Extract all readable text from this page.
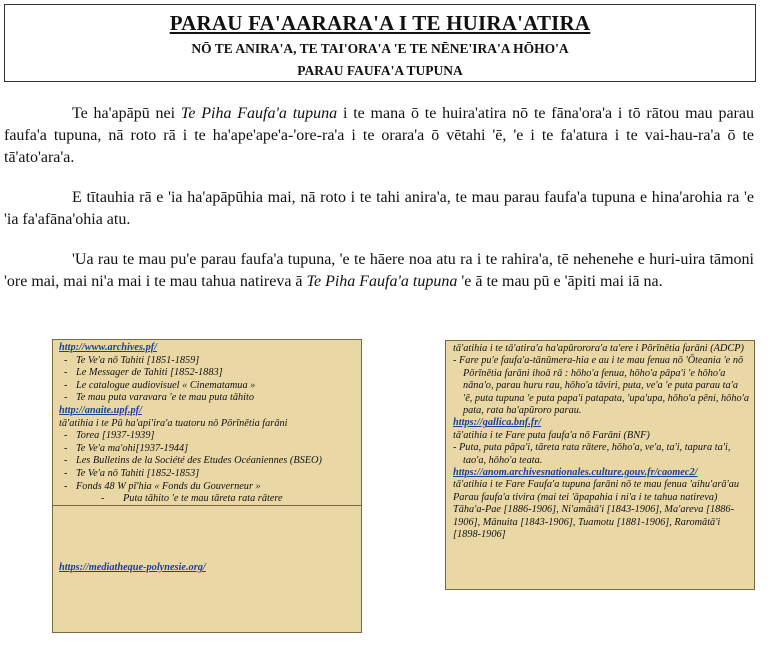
PARAU FA'AARARA'A I TE HUIRA'ATIRA
NŌ TE ANIRA'A, TE TAI'ORA'A 'E TE NĒNE'IRA'A HŌHO'A
PARAU FAUFA'A TUPUNA

Te ha'apāpū nei Te Piha Faufa'a tupuna i te mana ō te huira'atira nō te fāna'ora'a i tō rātou mau parau faufa'a tupuna, nā roto rā i te ha'ape'ape'a-'ore-ra'a i te orara'a ō vētahi 'ē, 'e i te fa'atura i te vai-hau-ra'a ō te tā'ato'ara'a.

E tītauhia rā e 'ia ha'apāpūhia mai, nā roto i te tahi anira'a, te mau parau faufa'a tupuna e hina'arohia ra 'e 'ia fa'afāna'ohia atu.

'Ua rau te mau pu'e parau faufa'a tupuna, 'e te hāere noa atu ra i te rahira'a, tē nehenehe e huri-uira tāmoni 'ore mai, mai ni'a mai i te mau tahua natireva ā Te Piha Faufa'a tupuna 'e ā te mau pū e 'āpiti mai iā na.

http://www.archives.pf/
- Te Ve'a nō Tahiti [1851-1859]
- Le Messager de Tahiti [1852-1883]
- Le catalogue audiovisuel « Cinematamua »
- Te mau puta varavara 'e te mau puta tāhito
http://anaite.upf.pf/
tā'atihia i te Pū ha'api'ira'a tuatoru nō Pōrīnētia farāni
- Torea [1937-1939]
- Te Ve'a ma'ohi[1937-1944]
- Les Bulletins de la Société des Etudes Océaniennes (BSEO)
- Te Ve'a nō Tahiti [1852-1853]
- Fonds 48 W pī'hia « Fonds du Gouverneur »
- Puta tāhito 'e te mau tāreta rata rātere
https://mediatheque-polynesie.org/
tā'atihia i te tā'atira'a ha'apūrorora'a ta'ere i Pōrīnētia farāni (ADCP)
- Fare pu'e faufa'a-tānūmera-hia e au i te mau fenua nō 'Ōteania 'e nō Pōrīnētia farāni ihoā rā : hōho'a fenua, hōho'a pāpa'i 'e hōho'a nāna'o, parau huru rau, hōho'a tāviri, puta, ve'a 'e puta parau ta'a 'ē, puta tupuna 'e puta papa'i patapata, 'upa'upa, hōho'a pēni, hōho'a pata, rata ha'apūroro parau.
https://gallica.bnf.fr/
tā'atihia i te Fare puta faufa'a nō Farāni (BNF)
- Puta, puta pāpa'i, tāreta rata rātere, hōho'a, ve'a, ta'i, tapura ta'i, tao'a, hōho'a teata.
https://anom.archivesnationales.culture.gouv.fr/caomec2/
tā'atihia i te Fare Faufa'a tupuna farāni nō te mau fenua 'aihu'arā'au
Parau faufa'a tivira (mai tei 'āpapahia i ni'a i te tahua natireva)
Tāha'a-Pae [1886-1906], Ni'amātā'i [1843-1906], Ma'areva [1886-1906], Mānuita [1843-1906], Tuamotu [1881-1906], Raromātā'i [1898-1906]
